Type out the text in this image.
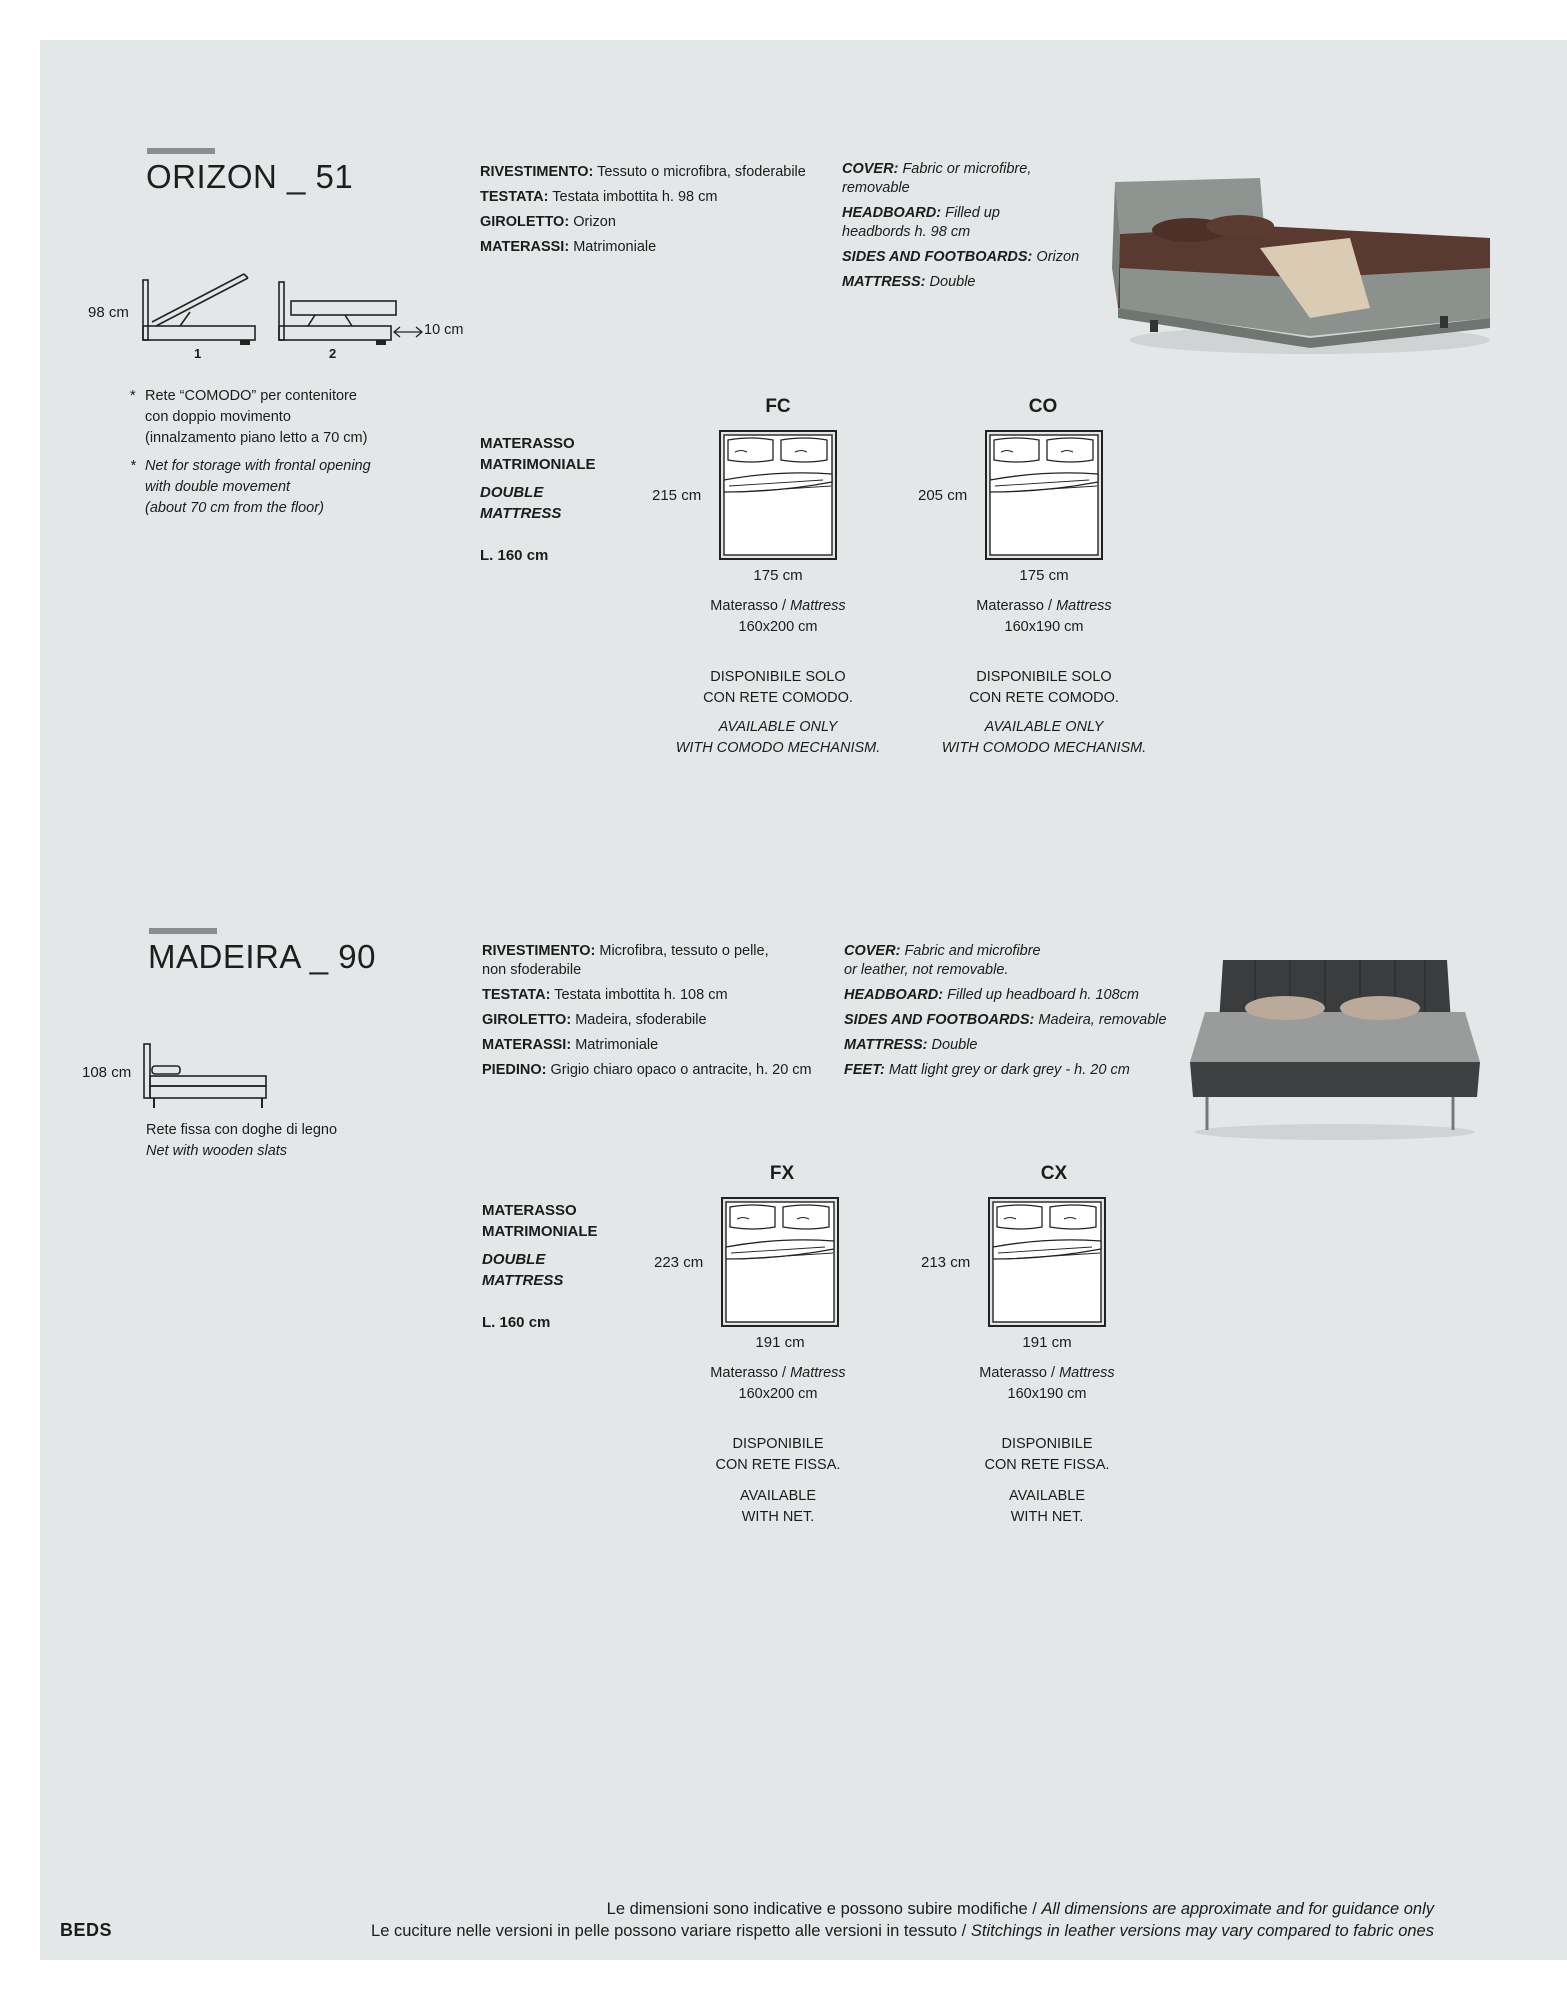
ORIZON _ 51
98 cm
10 cm
1	2
* Rete “COMODO” per contenitore
con doppio movimento
(innalzamento piano letto a 70 cm)
* Net for storage with frontal opening
with double movement
(about 70 cm from the floor)
RIVESTIMENTO: Tessuto o microfibra, sfoderabile
TESTATA: Testata imbottita h. 98 cm
GIROLETTO: Orizon
MATERASSI: Matrimoniale
COVER: Fabric or microfibre,
removable
HEADBOARD: Filled up
headbords h. 98 cm
SIDES AND FOOTBOARDS: Orizon
MATTRESS: Double
MATERASSO
MATRIMONIALE
DOUBLE
MATTRESS
L. 160 cm
FC
215 cm
175 cm
Materasso / Mattress
160x200 cm
DISPONIBILE SOLO
CON RETE COMODO.
AVAILABLE ONLY
WITH COMODO MECHANISM.
CO
205 cm
175 cm
Materasso / Mattress
160x190 cm
DISPONIBILE SOLO
CON RETE COMODO.
AVAILABLE ONLY
WITH COMODO MECHANISM.
MADEIRA _ 90
108 cm
Rete fissa con doghe di legno
Net with wooden slats
RIVESTIMENTO: Microfibra, tessuto o pelle,
non sfoderabile
TESTATA: Testata imbottita h. 108 cm
GIROLETTO: Madeira, sfoderabile
MATERASSI: Matrimoniale
PIEDINO: Grigio chiaro opaco o antracite, h. 20 cm
COVER: Fabric and microfibre
or leather, not removable.
HEADBOARD: Filled up headboard h. 108cm
SIDES AND FOOTBOARDS: Madeira, removable
MATTRESS: Double
FEET: Matt light grey or dark grey - h. 20 cm
MATERASSO
MATRIMONIALE
DOUBLE
MATTRESS
L. 160 cm
FX
223 cm
191 cm
Materasso / Mattress
160x200 cm
DISPONIBILE
CON RETE FISSA.
AVAILABLE
WITH NET.
CX
213 cm
191 cm
Materasso / Mattress
160x190 cm
DISPONIBILE
CON RETE FISSA.
AVAILABLE
WITH NET.
BEDS
Le dimensioni sono indicative e possono subire modifiche / All dimensions are approximate and for guidance only
Le cuciture nelle versioni in pelle possono variare rispetto alle versioni in tessuto / Stitchings in leather versions may vary compared to fabric ones
